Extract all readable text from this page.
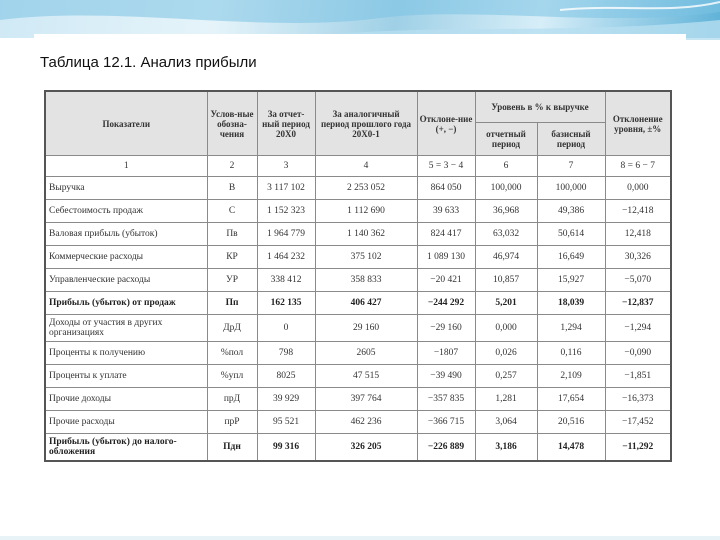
Таблица 12.1. Анализ прибыли
Показатели	Услов-ные обозна-чения	За отчет-ный период 20X0	За аналогичный период прошлого года 20X0-1	Отклоне-ние (+, −)	Уровень в % к выручке		Отклонение уровня, ±%
					отчетный период	базисный период	
1	2	3	4	5 = 3 − 4	6	7	8 = 6 − 7
Выручка	В	3 117 102	2 253 052	864 050	100,000	100,000	0,000
Себестоимость продаж	С	1 152 323	1 112 690	39 633	36,968	49,386	−12,418
Валовая прибыль (убыток)	Пв	1 964 779	1 140 362	824 417	63,032	50,614	12,418
Коммерческие расходы	КР	1 464 232	375 102	1 089 130	46,974	16,649	30,326
Управленческие расходы	УР	338 412	358 833	−20 421	10,857	15,927	−5,070
Прибыль (убыток) от продаж	Пп	162 135	406 427	−244 292	5,201	18,039	−12,837
Доходы от участия в других организациях	ДрД	0	29 160	−29 160	0,000	1,294	−1,294
Проценты к получению	%пол	798	2605	−1807	0,026	0,116	−0,090
Проценты к уплате	%упл	8025	47 515	−39 490	0,257	2,109	−1,851
Прочие доходы	прД	39 929	397 764	−357 835	1,281	17,654	−16,373
Прочие расходы	прР	95 521	462 236	−366 715	3,064	20,516	−17,452
Прибыль (убыток) до налого-обложения	Пдн	99 316	326 205	−226 889	3,186	14,478	−11,292
